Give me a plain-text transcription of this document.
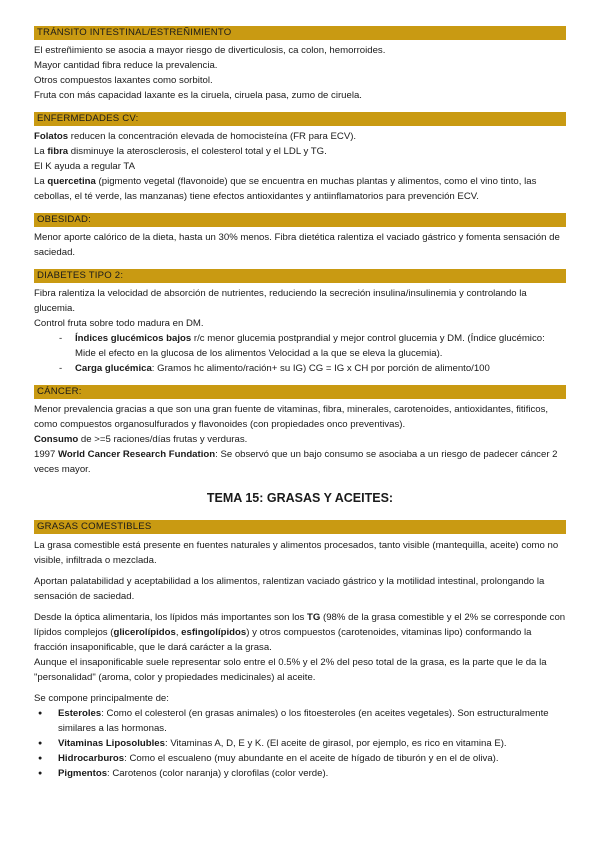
TRÁNSITO INTESTINAL/ESTREÑIMIENTO

El estreñimiento se asocia a mayor riesgo de diverticulosis, ca colon, hemorroides.

Mayor cantidad fibra reduce la prevalencia.

Otros compuestos laxantes como sorbitol.

Fruta con más capacidad laxante es la ciruela, ciruela pasa, zumo de ciruela.

ENFERMEDADES CV:

Folatos reducen la concentración elevada de homocisteína (FR para ECV).

La fibra disminuye la aterosclerosis, el colesterol total y el LDL y TG.

El K ayuda a regular TA

La quercetina (pigmento vegetal (flavonoide) que se encuentra en muchas plantas y alimentos, como el vino tinto, las cebollas, el té verde, las manzanas) tiene efectos antioxidantes y antiinflamatorios para prevención ECV.

OBESIDAD:

Menor aporte calórico de la dieta, hasta un 30% menos. Fibra dietética ralentiza el vaciado gástrico y fomenta sensación de saciedad.

DIABETES TIPO 2:

Fibra ralentiza la velocidad de absorción de nutrientes, reduciendo la secreción insulina/insulinemia y controlando la glucemia.

Control fruta sobre todo madura en DM.

- Índices glucémicos bajos r/c menor glucemia postprandial y mejor control glucemia y DM. (Índice glucémico: Mide el efecto en la glucosa de los alimentos Velocidad a la que se eleva la glucemia).
- Carga glucémica: Gramos hc alimento/ración+ su IG) CG = IG x CH por porción de alimento/100
CÁNCER:

Menor prevalencia gracias a que son una gran fuente de vitaminas, fibra, minerales, carotenoides, antioxidantes, fitificos, como compuestos organosulfurados y flavonoides (con propiedades onco preventivas).

Consumo de >=5 raciones/días frutas y verduras.

1997 World Cancer Research Fundation: Se observó que un bajo consumo se asociaba a un riesgo de padecer cáncer 2 veces mayor.

TEMA 15: GRASAS Y ACEITES:
GRASAS COMESTIBLES

La grasa comestible está presente en fuentes naturales y alimentos procesados, tanto visible (mantequilla, aceite) como no visible, infiltrada o mezclada.

Aportan palatabilidad y aceptabilidad a los alimentos, ralentizan vaciado gástrico y la motilidad intestinal, prolongando la sensación de saciedad.

Desde la óptica alimentaria, los lípidos más importantes son los TG (98% de la grasa comestible y el 2% se corresponde con lípidos complejos (glicerolípidos, esfingolípidos) y otros compuestos (carotenoides, vitaminas lipo) conformando la fracción insaponificable, que le dará carácter a la grasa.

Aunque el insaponificable suele representar solo entre el 0.5% y el 2% del peso total de la grasa, es la parte que le da la "personalidad" (aroma, color y propiedades medicinales) al aceite.

Se compone principalmente de:

● Esteroles: Como el colesterol (en grasas animales) o los fitoesteroles (en aceites vegetales). Son estructuralmente similares a las hormonas.
● Vitaminas Liposolubles: Vitaminas A, D, E y K. (El aceite de girasol, por ejemplo, es rico en vitamina E).
● Hidrocarburos: Como el escualeno (muy abundante en el aceite de hígado de tiburón y en el de oliva).
● Pigmentos: Carotenos (color naranja) y clorofilas (color verde).
